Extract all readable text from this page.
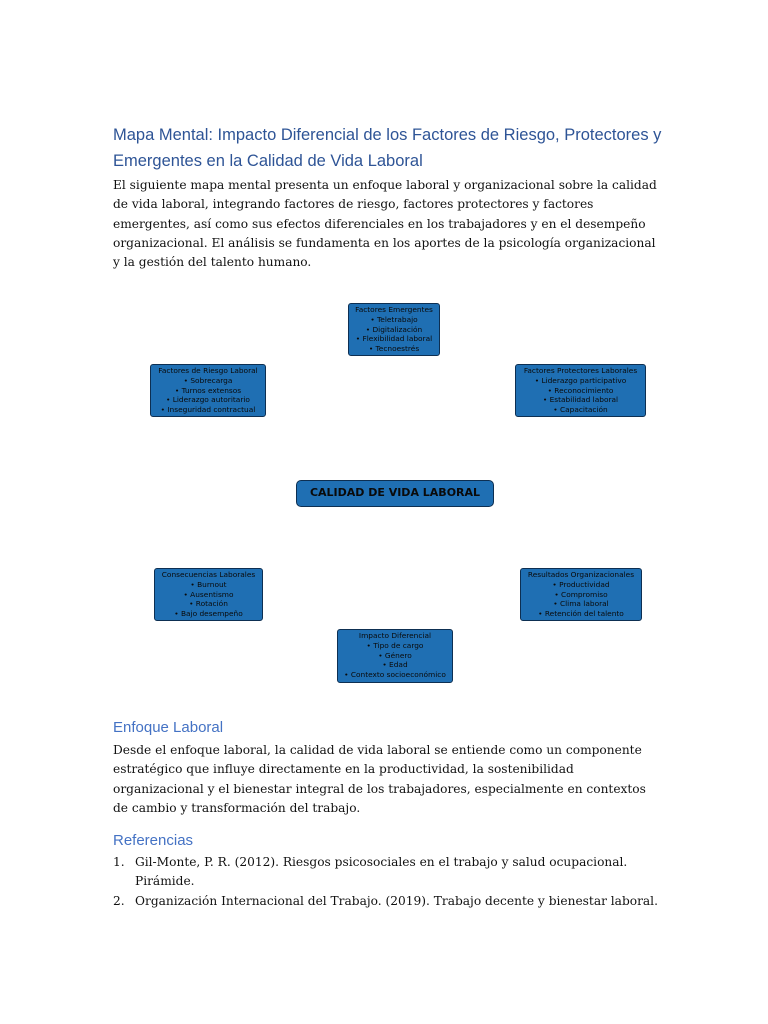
Mapa Mental: Impacto Diferencial de los Factores de Riesgo, Protectores y Emergentes en la Calidad de Vida Laboral

El siguiente mapa mental presenta un enfoque laboral y organizacional sobre la calidad de vida laboral, integrando factores de riesgo, factores protectores y factores emergentes, así como sus efectos diferenciales en los trabajadores y en el desempeño organizacional. El análisis se fundamenta en los aportes de la psicología organizacional y la gestión del talento humano.

Factores Emergentes
• Teletrabajo
• Digitalización
• Flexibilidad laboral
• Tecnoestrés
Factores de Riesgo Laboral
• Sobrecarga
• Turnos extensos
• Liderazgo autoritario
• Inseguridad contractual
Factores Protectores Laborales
• Liderazgo participativo
• Reconocimiento
• Estabilidad laboral
• Capacitación
CALIDAD DE VIDA LABORAL
Consecuencias Laborales
• Burnout
• Ausentismo
• Rotación
• Bajo desempeño
Resultados Organizacionales
• Productividad
• Compromiso
• Clima laboral
• Retención del talento
Impacto Diferencial
• Tipo de cargo
• Género
• Edad
• Contexto socioeconómico
Enfoque Laboral

Desde el enfoque laboral, la calidad de vida laboral se entiende como un componente estratégico que influye directamente en la productividad, la sostenibilidad organizacional y el bienestar integral de los trabajadores, especialmente en contextos de cambio y transformación del trabajo.

Referencias
1. Gil-Monte, P. R. (2012). Riesgos psicosociales en el trabajo y salud ocupacional. Pirámide.
2. Organización Internacional del Trabajo. (2019). Trabajo decente y bienestar laboral.
